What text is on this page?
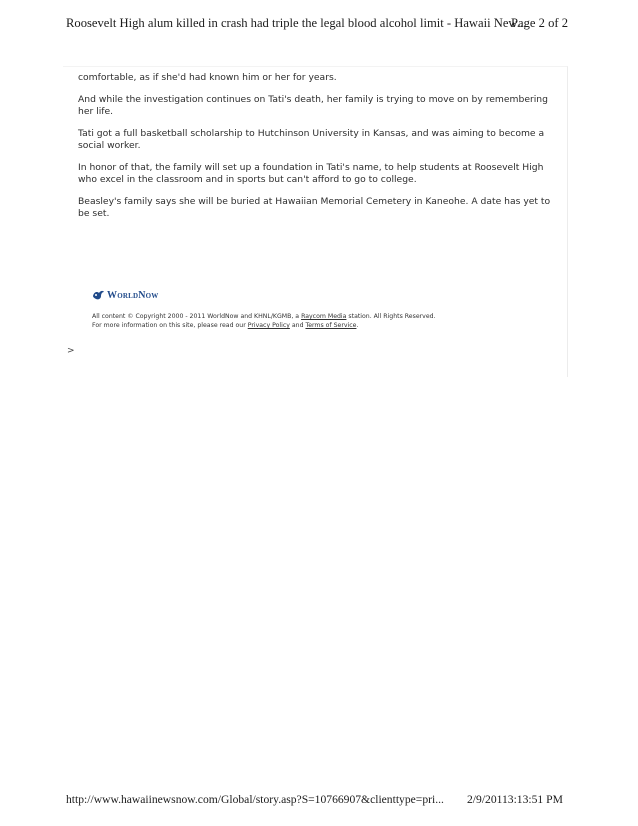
Roosevelt High alum killed in crash had triple the legal blood alcohol limit - Hawaii New...
Page 2 of 2

comfortable, as if she'd had known him or her for years.

And while the investigation continues on Tati's death, her family is trying to move on by remembering her life.

Tati got a full basketball scholarship to Hutchinson University in Kansas, and was aiming to become a social worker.

In honor of that, the family will set up a foundation in Tati's name, to help students at Roosevelt High who excel in the classroom and in sports but can't afford to go to college.

Beasley's family says she will be buried at Hawaiian Memorial Cemetery in Kaneohe. A date has yet to be set.

WorldNow
All content © Copyright 2000 - 2011 WorldNow and KHNL/KGMB, a Raycom Media station. All Rights Reserved.
For more information on this site, please read our Privacy Policy and Terms of Service.
>
http://www.hawaiinewsnow.com/Global/story.asp?S=10766907&clienttype=pri... 2/9/20113:13:51 PM
